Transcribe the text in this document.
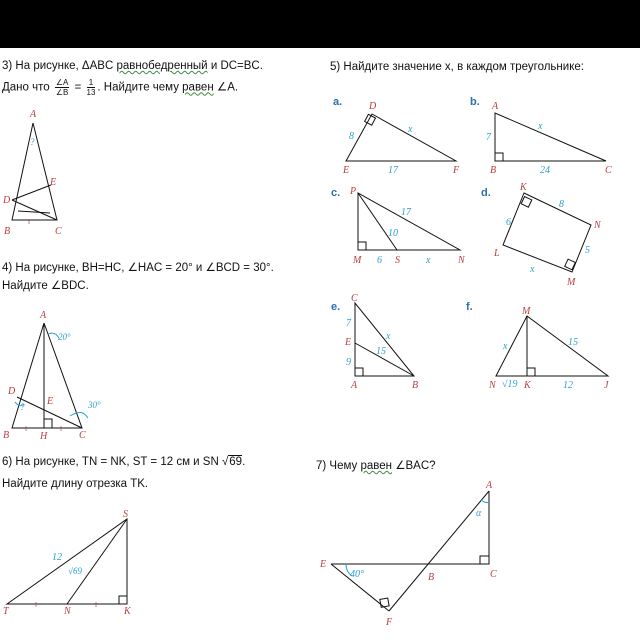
3) На рисунке, ΔABC равнобедренный и DC=BC.
Дано что $\frac{\angle A}{\angle B} = \frac{1}{13}$ . Найдите чему равен ∠A.
5) Найдите значение x, в каждом треугольнике:
4) На рисунке, BH=HC, ∠HAC = 20° и ∠BCD = 30°.
Найдите ∠BDC.
6) На рисунке, TN = NK, ST = 12 см и SN √69.
Найдите длину отрезка TK.
7) Чему равен ∠BAC?
A
B	C
D
E
‖
?
A
B	C
D
E
H
‖	‖
20°
30°
?
a.	b.
c.	d.
e.	f.
D
E	F
8
x
17
A
B	C
7
x
24
P
M	S	N
17
10
6	x
K
N
M
L
6
8
5
x
C
E
A	B
7
9
x
15
M
N	K	J
x	15
√19	12
S
T	N	K
‖	‖
12
√69
A
B	C
E
F
α
40°
